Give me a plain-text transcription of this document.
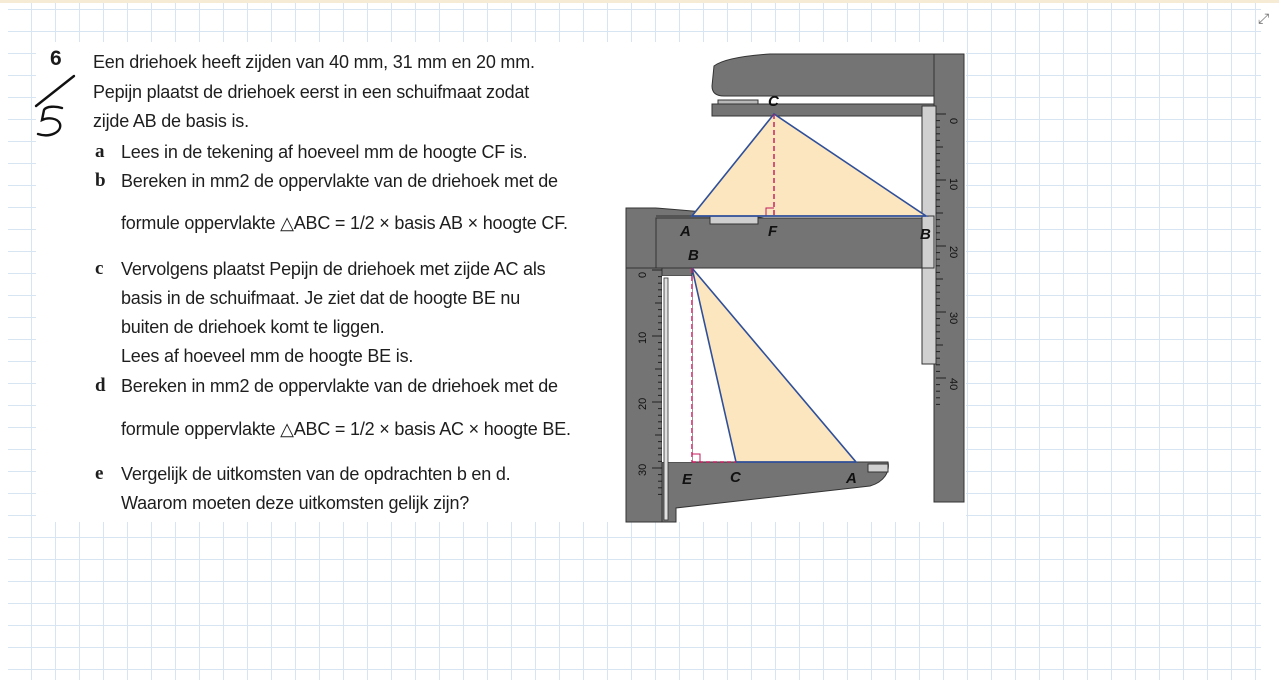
⤢
6 Een driehoek heeft zijden van 40 mm, 31 mm en 20 mm.
Pepijn plaatst de driehoek eerst in een schuifmaat zodat
zijde AB de basis is.
a Lees in de tekening af hoeveel mm de hoogte CF is.
b Bereken in mm2 de oppervlakte van de driehoek met de
formule oppervlakte △ABC = 1/2 × basis AB × hoogte CF.
c Vervolgens plaatst Pepijn de driehoek met zijde AC als
basis in de schuifmaat. Je ziet dat de hoogte BE nu
buiten de driehoek komt te liggen.
Lees af hoeveel mm de hoogte BE is.
d Bereken in mm2 de oppervlakte van de driehoek met de
formule oppervlakte △ABC = 1/2 × basis AC × hoogte BE.
e Vergelijk de uitkomsten van de opdrachten b en d.
Waarom moeten deze uitkomsten gelijk zijn?
C
A	F	B
0
10
20
30
40
B
E	C	A
0
10
20
30
